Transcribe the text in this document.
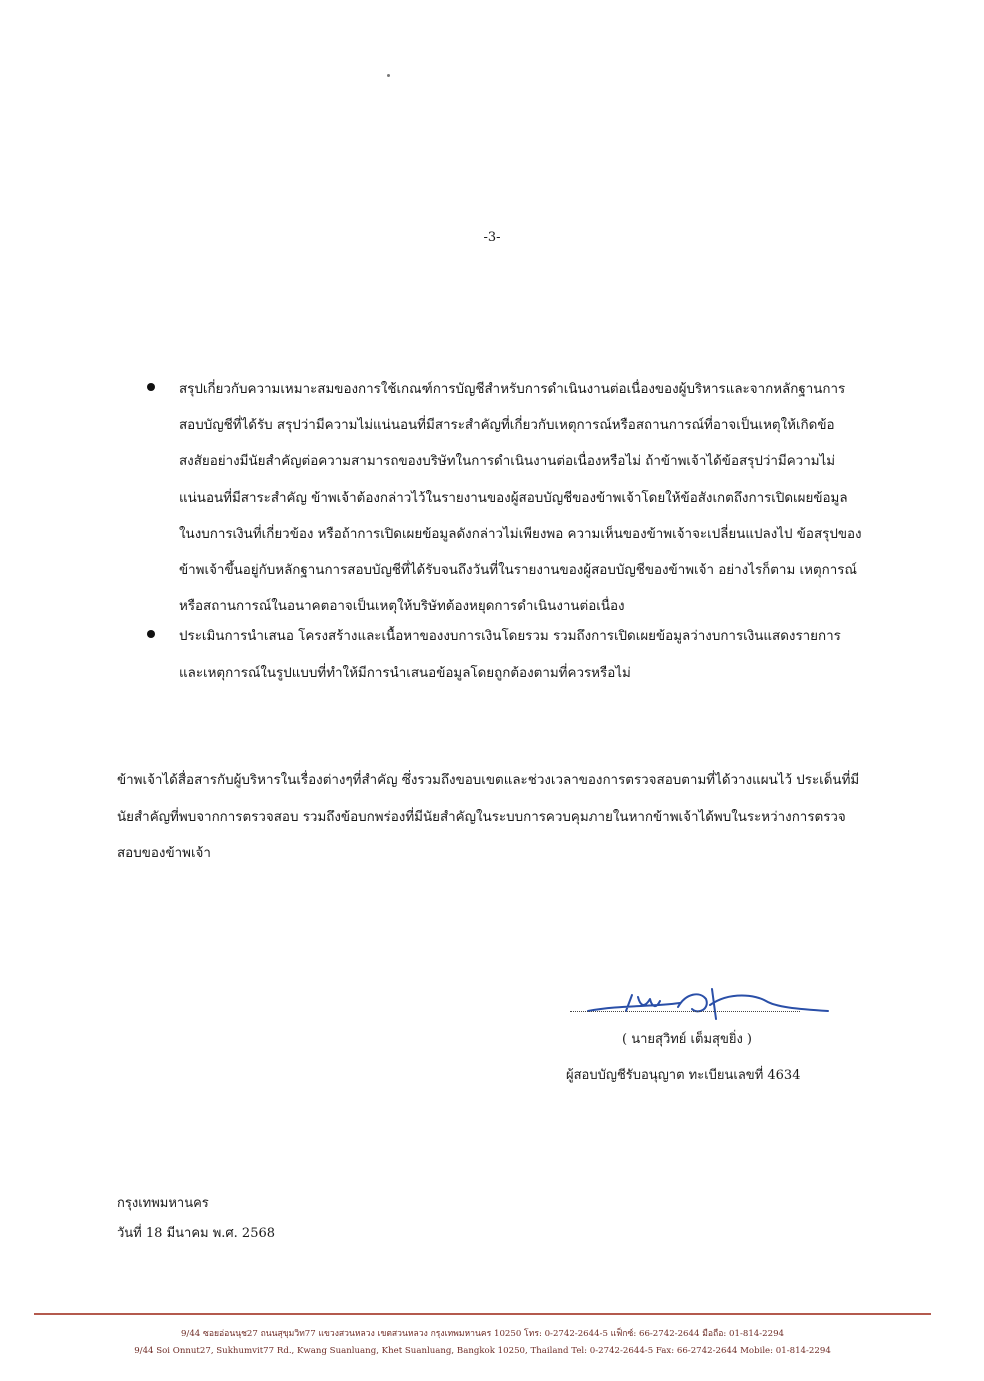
-3-
สรุปเกี่ยวกับความเหมาะสมของการใช้เกณฑ์การบัญชีสำหรับการดำเนินงานต่อเนื่องของผู้บริหารและจากหลักฐานการสอบบัญชีที่ได้รับ สรุปว่ามีความไม่แน่นอนที่มีสาระสำคัญที่เกี่ยวกับเหตุการณ์หรือสถานการณ์ที่อาจเป็นเหตุให้เกิดข้อสงสัยอย่างมีนัยสำคัญต่อความสามารถของบริษัทในการดำเนินงานต่อเนื่องหรือไม่ ถ้าข้าพเจ้าได้ข้อสรุปว่ามีความไม่แน่นอนที่มีสาระสำคัญ ข้าพเจ้าต้องกล่าวไว้ในรายงานของผู้สอบบัญชีของข้าพเจ้าโดยให้ข้อสังเกตถึงการเปิดเผยข้อมูลในงบการเงินที่เกี่ยวข้อง หรือถ้าการเปิดเผยข้อมูลดังกล่าวไม่เพียงพอ ความเห็นของข้าพเจ้าจะเปลี่ยนแปลงไป ข้อสรุปของข้าพเจ้าขึ้นอยู่กับหลักฐานการสอบบัญชีที่ได้รับจนถึงวันที่ในรายงานของผู้สอบบัญชีของข้าพเจ้า อย่างไรก็ตาม เหตุการณ์หรือสถานการณ์ในอนาคตอาจเป็นเหตุให้บริษัทต้องหยุดการดำเนินงานต่อเนื่อง
ประเมินการนำเสนอ โครงสร้างและเนื้อหาของงบการเงินโดยรวม รวมถึงการเปิดเผยข้อมูลว่างบการเงินแสดงรายการและเหตุการณ์ในรูปแบบที่ทำให้มีการนำเสนอข้อมูลโดยถูกต้องตามที่ควรหรือไม่
ข้าพเจ้าได้สื่อสารกับผู้บริหารในเรื่องต่างๆที่สำคัญ ซึ่งรวมถึงขอบเขตและช่วงเวลาของการตรวจสอบตามที่ได้วางแผนไว้ ประเด็นที่มีนัยสำคัญที่พบจากการตรวจสอบ รวมถึงข้อบกพร่องที่มีนัยสำคัญในระบบการควบคุมภายในหากข้าพเจ้าได้พบในระหว่างการตรวจสอบของข้าพเจ้า
( นายสุวิทย์ เต็มสุขยิ่ง )
ผู้สอบบัญชีรับอนุญาต ทะเบียนเลขที่ 4634
กรุงเทพมหานคร
วันที่ 18 มีนาคม พ.ศ. 2568
9/44 ซอยอ่อนนุช27 ถนนสุขุมวิท77 แขวงสวนหลวง เขตสวนหลวง กรุงเทพมหานคร 10250 โทร: 0-2742-2644-5 แฟ็กซ์: 66-2742-2644 มือถือ: 01-814-2294
9/44 Soi Onnut27, Sukhumvit77 Rd., Kwang Suanluang, Khet Suanluang, Bangkok 10250, Thailand Tel: 0-2742-2644-5 Fax: 66-2742-2644 Mobile: 01-814-2294
